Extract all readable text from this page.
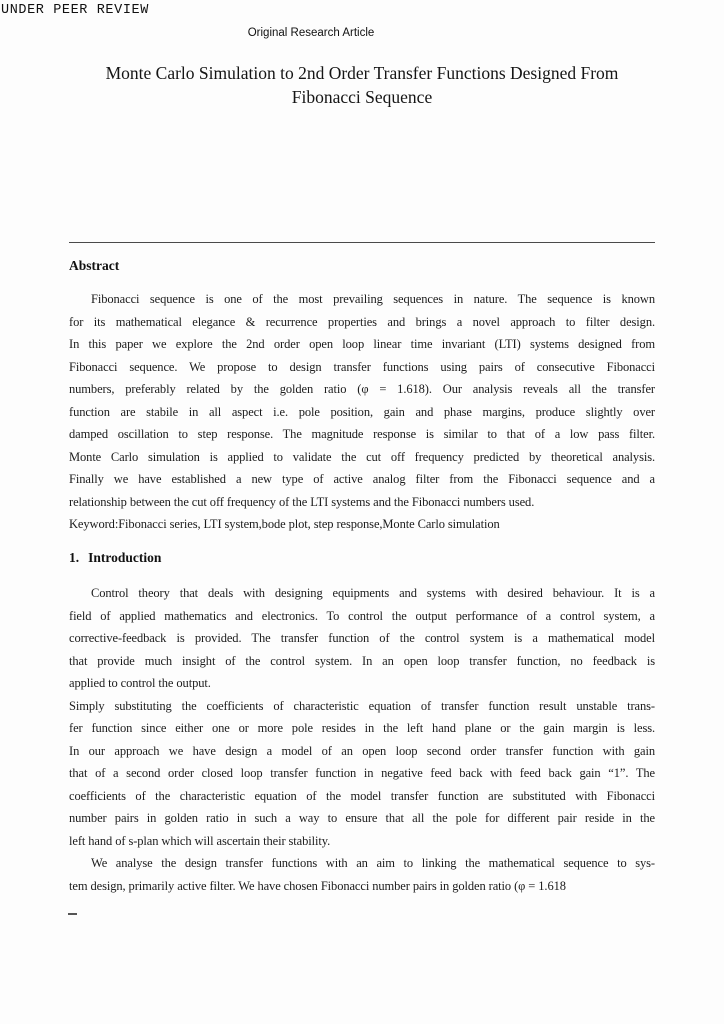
UNDER PEER REVIEW
Original Research Article
Monte Carlo Simulation to 2nd Order Transfer Functions Designed From
Fibonacci Sequence
Abstract
Fibonacci sequence is one of the most prevailing sequences in nature. The sequence is known
for its mathematical elegance & recurrence properties and brings a novel approach to filter design.
In this paper we explore the 2nd order open loop linear time invariant (LTI) systems designed from
Fibonacci sequence. We propose to design transfer functions using pairs of consecutive Fibonacci
numbers, preferably related by the golden ratio (φ = 1.618). Our analysis reveals all the transfer
function are stabile in all aspect i.e. pole position, gain and phase margins, produce slightly over
damped oscillation to step response. The magnitude response is similar to that of a low pass filter.
Monte Carlo simulation is applied to validate the cut off frequency predicted by theoretical analysis.
Finally we have established a new type of active analog filter from the Fibonacci sequence and a
relationship between the cut off frequency of the LTI systems and the Fibonacci numbers used.
Keyword:Fibonacci series, LTI system,bode plot, step response,Monte Carlo simulation
1. Introduction
Control theory that deals with designing equipments and systems with desired behaviour. It is a
field of applied mathematics and electronics. To control the output performance of a control system, a
corrective-feedback is provided. The transfer function of the control system is a mathematical model
that provide much insight of the control system. In an open loop transfer function, no feedback is
applied to control the output.
Simply substituting the coefficients of characteristic equation of transfer function result unstable trans-
fer function since either one or more pole resides in the left hand plane or the gain margin is less.
In our approach we have design a model of an open loop second order transfer function with gain
that of a second order closed loop transfer function in negative feed back with feed back gain “1”. The
coefficients of the characteristic equation of the model transfer function are substituted with Fibonacci
number pairs in golden ratio in such a way to ensure that all the pole for different pair reside in the
left hand of s-plan which will ascertain their stability.
We analyse the design transfer functions with an aim to linking the mathematical sequence to sys-
tem design, primarily active filter. We have chosen Fibonacci number pairs in golden ratio (φ = 1.618
